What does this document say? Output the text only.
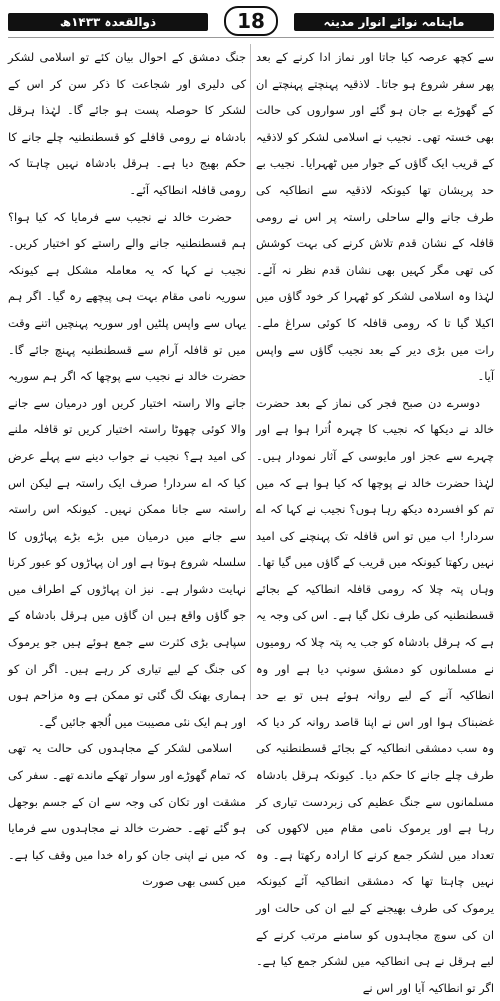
ماہنامہ نوائے انوار مدینہ
18
ذوالقعدہ ۱۴۳۳ھ

سے کچھ عرصہ کیا جاتا اور نماز ادا کرنے کے بعد پھر سفر شروع ہو جاتا۔ لاذقیہ پہنچتے پہنچتے ان کے گھوڑے بے جان ہو گئے اور سواروں کی حالت بھی خستہ تھی۔ نجیب نے اسلامی لشکر کو لاذقیہ کے قریب ایک گاؤں کے جوار میں ٹھہرایا۔ نجیب بے حد پریشان تھا کیونکہ لاذقیہ سے انطاکیہ کی طرف جانے والے ساحلی راستہ پر اس نے رومی قافلہ کے نشان قدم تلاش کرنے کی بہت کوشش کی تھی مگر کہیں بھی نشان قدم نظر نہ آئے۔ لہٰذا وہ اسلامی لشکر کو ٹھہرا کر خود گاؤں میں اکیلا گیا تا کہ رومی قافلہ کا کوئی سراغ ملے۔ رات میں بڑی دیر کے بعد نجیب گاؤں سے واپس آیا۔

دوسرے دن صبح فجر کی نماز کے بعد حضرت خالد نے دیکھا کہ نجیب کا چہرہ اُترا ہوا ہے اور چہرے سے عجز اور مایوسی کے آثار نمودار ہیں۔ لہٰذا حضرت خالد نے پوچھا کہ کیا ہوا ہے کہ میں تم کو افسردہ دیکھ رہا ہوں؟ نجیب نے کہا کہ اے سردار! اب میں تو اس قافلہ تک پہنچنے کی امید نہیں رکھتا کیونکہ میں قریب کے گاؤں میں گیا تھا۔ وہاں پتہ چلا کہ رومی قافلہ انطاکیہ کے بجائے قسطنطنیہ کی طرف نکل گیا ہے۔ اس کی وجہ یہ ہے کہ ہرقل بادشاہ کو جب یہ پتہ چلا کہ رومیوں نے مسلمانوں کو دمشق سونپ دیا ہے اور وہ انطاکیہ آنے کے لیے روانہ ہوئے ہیں تو بے حد غضبناک ہوا اور اس نے اپنا قاصد روانہ کر دیا کہ وہ سب دمشقی انطاکیہ کے بجائے قسطنطنیہ کی طرف چلے جانے کا حکم دیا۔ کیونکہ ہرقل بادشاہ مسلمانوں سے جنگ عظیم کی زبردست تیاری کر رہا ہے اور یرموک نامی مقام میں لاکھوں کی تعداد میں لشکر جمع کرنے کا ارادہ رکھتا ہے۔ وہ نہیں چاہتا تھا کہ دمشقی انطاکیہ آئے کیونکہ یرموک کی طرف بھیجنے کے لیے ان کی حالت اور ان کی سوچ مجاہدوں کو سامنے مرتب کرنے کے لیے ہرقل نے ہی انطاکیہ میں لشکر جمع کیا ہے۔ اگر تو انطاکیہ آیا اور اس نے

جنگ دمشق کے احوال بیان کئے تو اسلامی لشکر کی دلیری اور شجاعت کا ذکر سن کر اس کے لشکر کا حوصلہ پست ہو جائے گا۔ لہٰذا ہرقل بادشاہ نے رومی قافلے کو قسطنطنیہ چلے جانے کا حکم بھیج دیا ہے۔ ہرقل بادشاہ نہیں چاہتا کہ رومی قافلہ انطاکیہ آئے۔

حضرت خالد نے نجیب سے فرمایا کہ کیا ہوا؟ ہم قسطنطنیہ جانے والے راستے کو اختیار کریں۔ نجیب نے کہا کہ یہ معاملہ مشکل ہے کیونکہ سوریہ نامی مقام بہت ہی پیچھے رہ گیا۔ اگر ہم یہاں سے واپس پلٹیں اور سوریہ پہنچیں اتنے وقت میں تو قافلہ آرام سے قسطنطنیہ پہنچ جائے گا۔ حضرت خالد نے نجیب سے پوچھا کہ اگر ہم سوریہ جانے والا راستہ اختیار کریں اور درمیان سے جانے والا کوئی چھوٹا راستہ اختیار کریں تو قافلہ ملنے کی امید ہے؟ نجیب نے جواب دینے سے پہلے عرض کیا کہ اے سردار! صرف ایک راستہ ہے لیکن اس راستہ سے جانا ممکن نہیں۔ کیونکہ اس راستہ سے جانے میں درمیان میں بڑے بڑے پہاڑوں کا سلسلہ شروع ہوتا ہے اور ان پہاڑوں کو عبور کرنا نہایت دشوار ہے۔ نیز ان پہاڑوں کے اطراف میں جو گاؤں واقع ہیں ان گاؤں میں ہرقل بادشاہ کے سپاہی بڑی کثرت سے جمع ہوئے ہیں جو یرموک کی جنگ کے لیے تیاری کر رہے ہیں۔ اگر ان کو ہماری بھنک لگ گئی تو ممکن ہے وہ مزاحم ہوں اور ہم ایک نئی مصیبت میں اُلجھ جائیں گے۔

اسلامی لشکر کے مجاہدوں کی حالت یہ تھی کہ تمام گھوڑے اور سوار تھکے ماندے تھے۔ سفر کی مشقت اور تکان کی وجہ سے ان کے جسم بوجھل ہو گئے تھے۔ حضرت خالد نے مجاہدوں سے فرمایا کہ میں نے اپنی جان کو راہ خدا میں وقف کیا ہے۔ میں کسی بھی صورت
